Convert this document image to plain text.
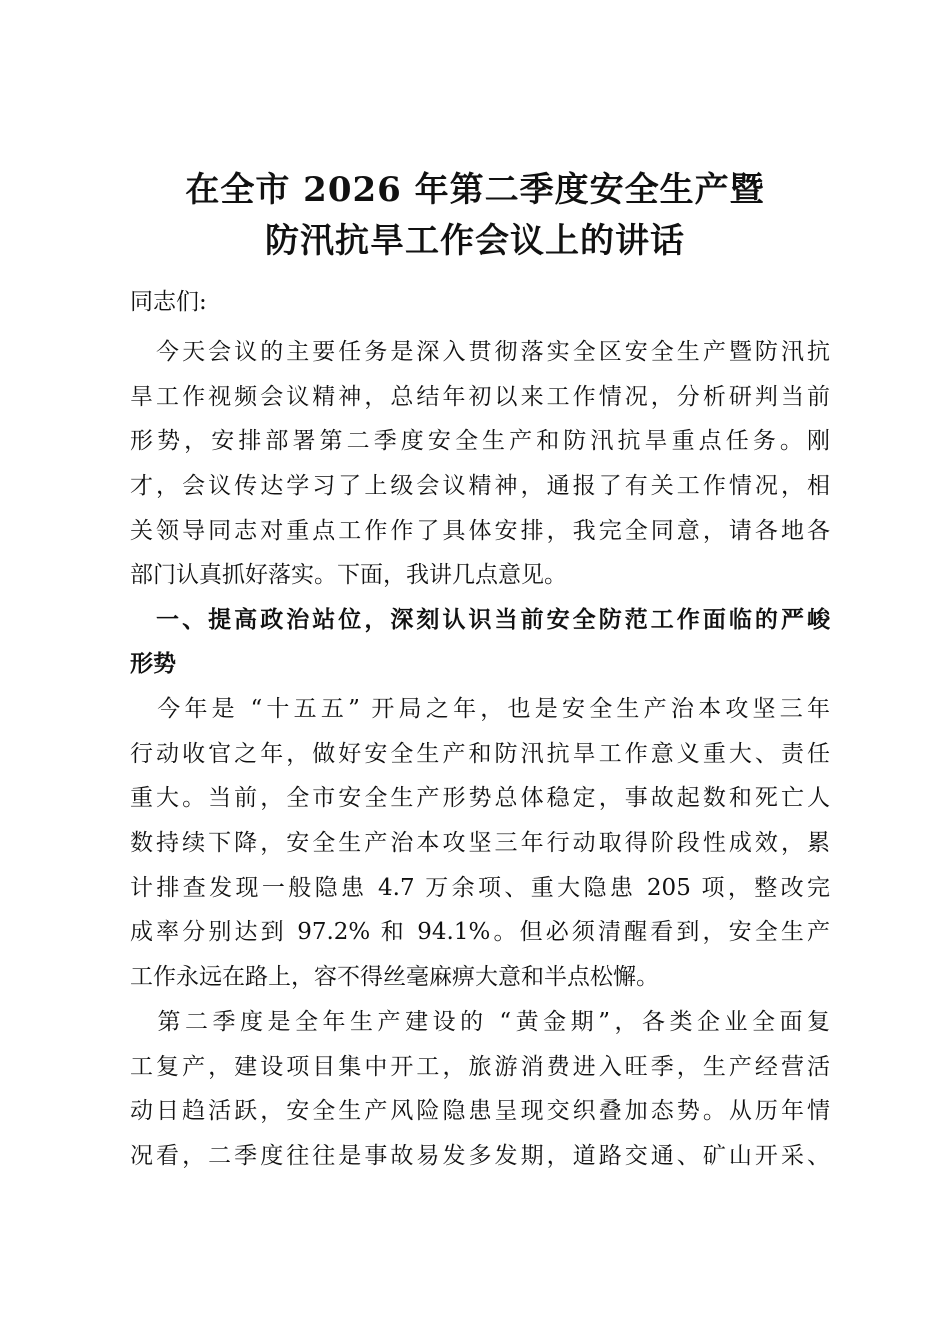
在全市 2026 年第二季度安全生产暨
防汛抗旱工作会议上的讲话

同志们:

　今天会议的主要任务是深入贯彻落实全区安全生产暨防汛抗

旱工作视频会议精神，总结年初以来工作情况，分析研判当前

形势，安排部署第二季度安全生产和防汛抗旱重点任务。刚

才，会议传达学习了上级会议精神，通报了有关工作情况，相

关领导同志对重点工作作了具体安排，我完全同意，请各地各

部门认真抓好落实。下面，我讲几点意见。

　一、提高政治站位，深刻认识当前安全防范工作面临的严峻

形势

　今年是 “十五五” 开局之年，也是安全生产治本攻坚三年

行动收官之年，做好安全生产和防汛抗旱工作意义重大、责任

重大。当前，全市安全生产形势总体稳定，事故起数和死亡人

数持续下降，安全生产治本攻坚三年行动取得阶段性成效，累

计排查发现一般隐患 4.7 万余项、重大隐患 205 项，整改完

成率分别达到 97.2% 和 94.1%。但必须清醒看到，安全生产

工作永远在路上，容不得丝毫麻痹大意和半点松懈。

　第二季度是全年生产建设的 “黄金期”，各类企业全面复

工复产，建设项目集中开工，旅游消费进入旺季，生产经营活

动日趋活跃，安全生产风险隐患呈现交织叠加态势。从历年情

况看，二季度往往是事故易发多发期，道路交通、矿山开采、
